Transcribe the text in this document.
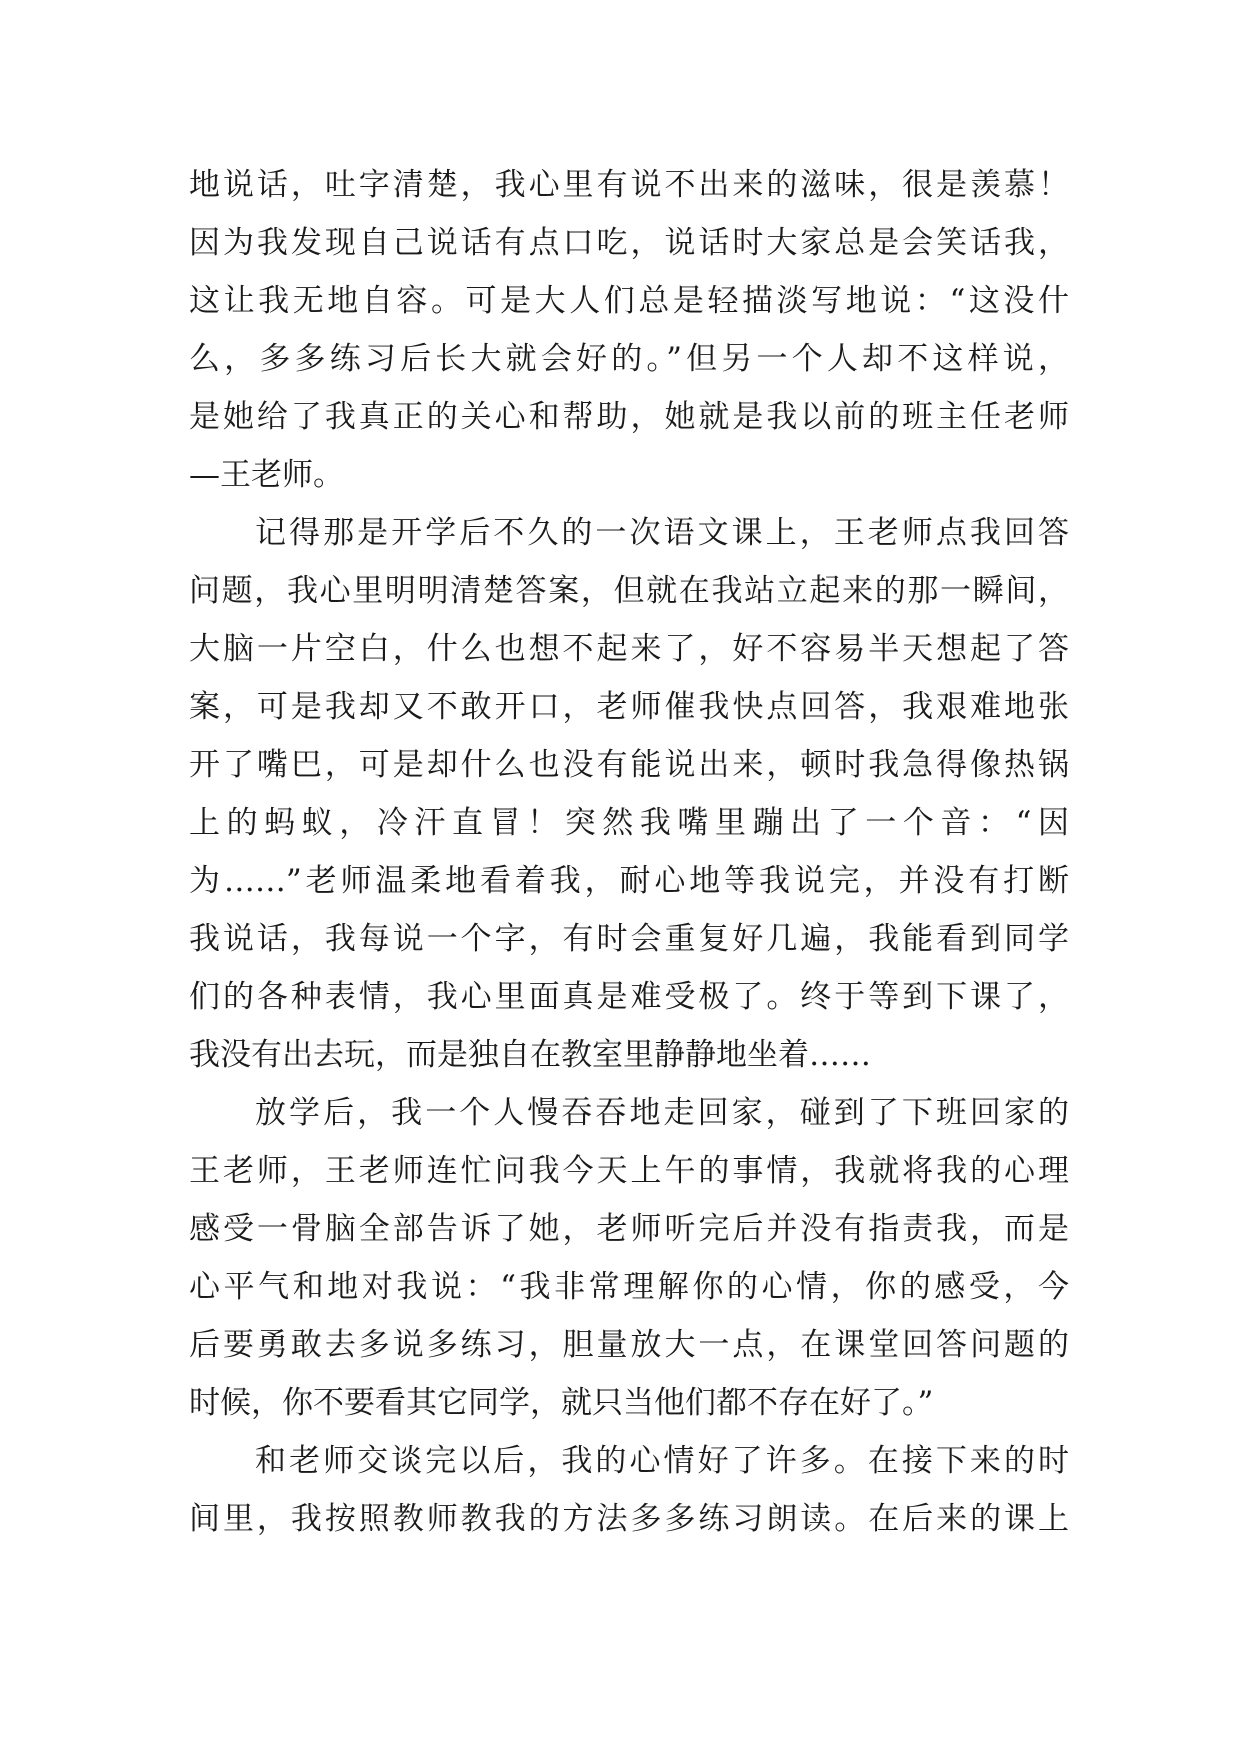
地说话，吐字清楚，我心里有说不出来的滋味，很是羡慕！
因为我发现自己说话有点口吃，说话时大家总是会笑话我，
这让我无地自容。可是大人们总是轻描淡写地说：“这没什
么，多多练习后长大就会好的。”但另一个人却不这样说，
是她给了我真正的关心和帮助，她就是我以前的班主任老师
—王老师。
记得那是开学后不久的一次语文课上，王老师点我回答
问题，我心里明明清楚答案，但就在我站立起来的那一瞬间，
大脑一片空白，什么也想不起来了，好不容易半天想起了答
案，可是我却又不敢开口，老师催我快点回答，我艰难地张
开了嘴巴，可是却什么也没有能说出来，顿时我急得像热锅
上的蚂蚁，冷汗直冒！突然我嘴里蹦出了一个音：“因
为……”老师温柔地看着我，耐心地等我说完，并没有打断
我说话，我每说一个字，有时会重复好几遍，我能看到同学
们的各种表情，我心里面真是难受极了。终于等到下课了，
我没有出去玩，而是独自在教室里静静地坐着……
放学后，我一个人慢吞吞地走回家，碰到了下班回家的
王老师，王老师连忙问我今天上午的事情，我就将我的心理
感受一骨脑全部告诉了她，老师听完后并没有指责我，而是
心平气和地对我说：“我非常理解你的心情，你的感受，今
后要勇敢去多说多练习，胆量放大一点，在课堂回答问题的
时候，你不要看其它同学，就只当他们都不存在好了。”
和老师交谈完以后，我的心情好了许多。在接下来的时
间里，我按照教师教我的方法多多练习朗读。在后来的课上
